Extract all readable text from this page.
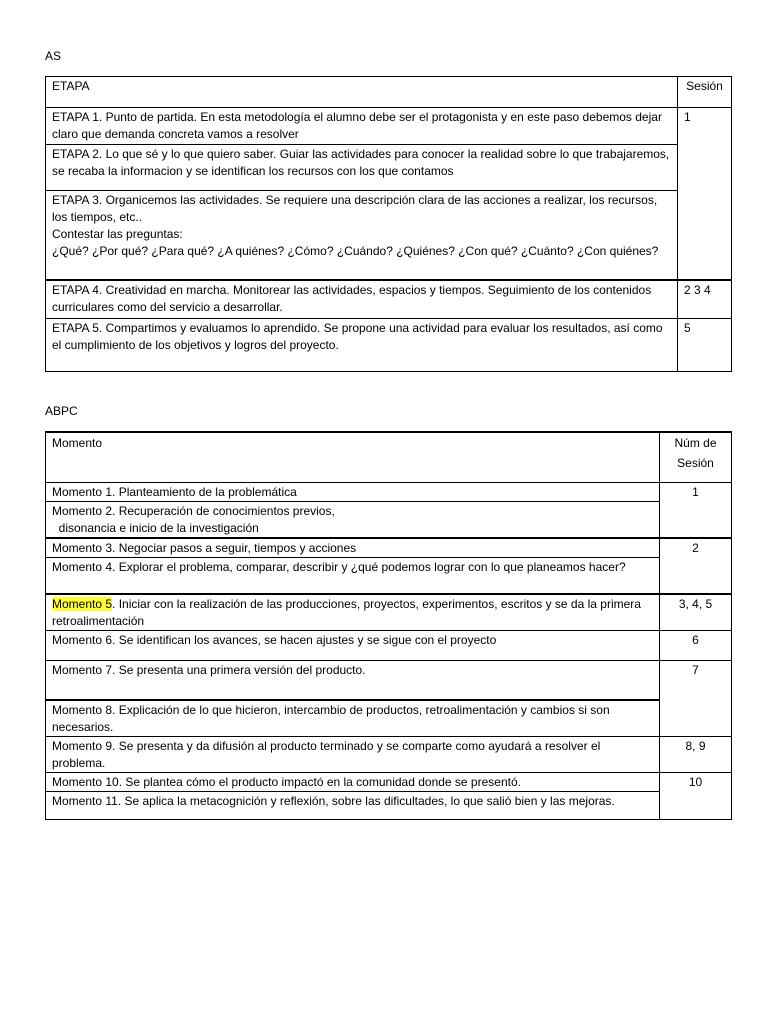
AS
ETAPA	Sesión
ETAPA 1. Punto de partida. En esta metodología el alumno debe ser el protagonista y en este paso debemos dejar claro que demanda concreta vamos a resolver	1
ETAPA 2. Lo que sé y lo que quiero saber. Guiar las actividades para conocer la realidad sobre lo que trabajaremos, se recaba la informacion y se identifican los recursos con los que contamos	
ETAPA 3. Organicemos las actividades. Se requiere una descripción clara de las acciones a realizar, los recursos, los tiempos, etc..
Contestar las preguntas:
¿Qué? ¿Por qué? ¿Para qué? ¿A quiénes? ¿Cómo? ¿Cuándo? ¿Quiénes? ¿Con qué? ¿Cuánto? ¿Con quiénes?	
ETAPA 4. Creatividad en marcha. Monitorear las actividades, espacios y tiempos. Seguimiento de los contenidos curriculares como del servicio a desarrollar.	2 3 4
ETAPA 5. Compartimos y evaluamos lo aprendido. Se propone una actividad para evaluar los resultados, así como el cumplimiento de los objetivos y logros del proyecto.	5
ABPC
Momento	Núm de Sesión
Momento 1. Planteamiento de la problemática	1
Momento 2. Recuperación de conocimientos previos,
disonancia e inicio de la investigación	
Momento 3. Negociar pasos a seguir, tiempos y acciones	2
Momento 4. Explorar el problema, comparar, describir y ¿qué podemos lograr con lo que planeamos hacer?	
Momento 5. Iniciar con la realización de las producciones, proyectos, experimentos, escritos y se da la primera retroalimentación	3, 4, 5
Momento 6. Se identifican los avances, se hacen ajustes y se sigue con el proyecto	6
Momento 7. Se presenta una primera versión del producto.	7
Momento 8. Explicación de lo que hicieron, intercambio de productos, retroalimentación y cambios si son necesarios.	
Momento 9. Se presenta y da difusión al producto terminado y se comparte como ayudará a resolver el problema.	8, 9
Momento 10. Se plantea cómo el producto impactó en la comunidad donde se presentó.	10
Momento 11. Se aplica la metacognición y reflexión, sobre las dificultades, lo que salió bien y las mejoras.	
